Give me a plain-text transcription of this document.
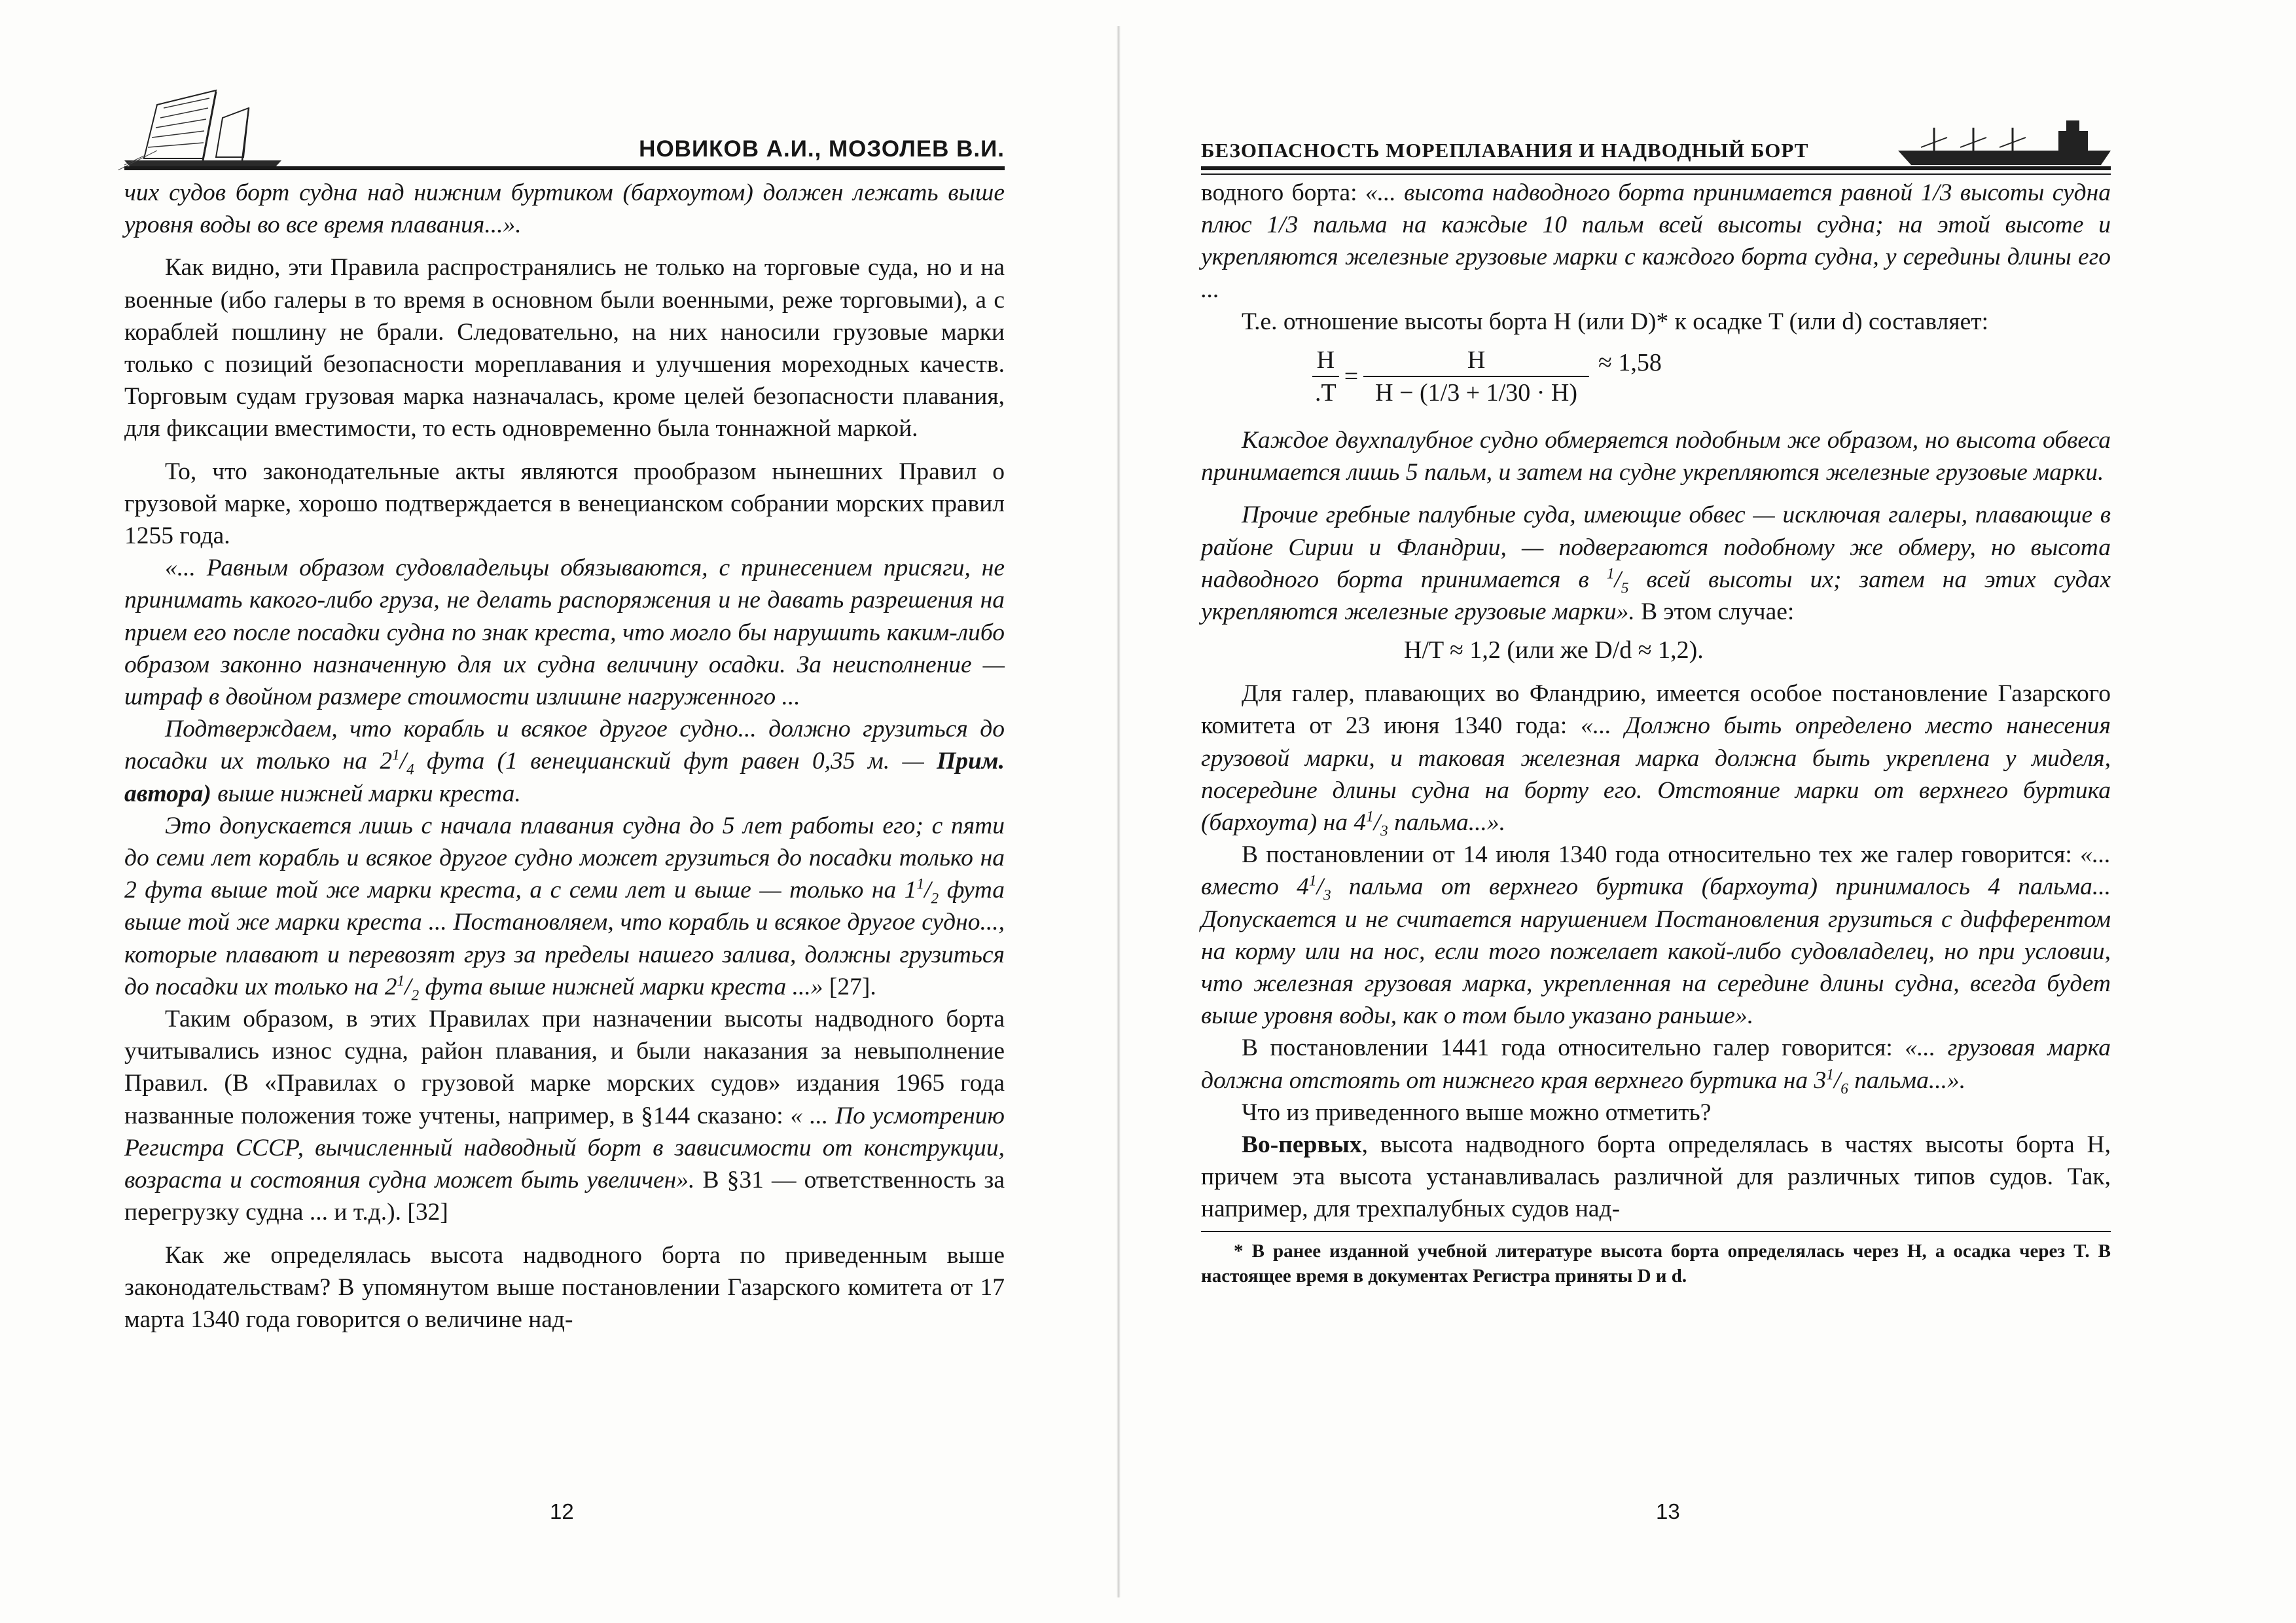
НОВИКОВ А.И., МОЗОЛЕВ В.И.

чих судов борт судна над нижним буртиком (бархоутом) должен лежать выше уровня воды во все время плавания...».

Как видно, эти Правила распространялись не только на торговые суда, но и на военные (ибо галеры в то время в основном были военными, реже торговыми), а с кораблей пошлину не брали. Следовательно, на них наносили грузовые марки только с позиций безопасности мореплавания и улучшения мореходных качеств. Торговым судам грузовая марка назначалась, кроме целей безопасности плавания, для фиксации вместимости, то есть одновременно была тоннажной маркой.

То, что законодательные акты являются прообразом нынешних Правил о грузовой марке, хорошо подтверждается в венецианском собрании морских правил 1255 года.

«... Равным образом судовладельцы обязываются, с принесением присяги, не принимать какого-либо груза, не делать распоряжения и не давать разрешения на прием его после посадки судна по знак креста, что могло бы нарушить каким-либо образом законно назначенную для их судна величину осадки. За неисполнение — штраф в двойном размере стоимости излишне нагруженного ...

Подтверждаем, что корабль и всякое другое судно... должно грузиться до посадки их только на $2^1/_4$ фута (1 венецианский фут равен 0,35 м. — Прим. автора) выше нижней марки креста.

Это допускается лишь с начала плавания судна до 5 лет работы его; с пяти до семи лет корабль и всякое другое судно может грузиться до посадки только на 2 фута выше той же марки креста, а с семи лет и выше — только на $1^1/_2$ фута выше той же марки креста ... Постановляем, что корабль и всякое другое судно..., которые плавают и перевозят груз за пределы нашего залива, должны грузиться до посадки их только на $2^1/_2$ фута выше нижней марки креста ...» [27].

Таким образом, в этих Правилах при назначении высоты надводного борта учитывались износ судна, район плавания, и были наказания за невыполнение Правил. (В «Правилах о грузовой марке морских судов» издания 1965 года названные положения тоже учтены, например, в §144 сказано: « ... По усмотрению Регистра СССР, вычисленный надводный борт в зависимости от конструкции, возраста и состояния судна может быть увеличен». В §31 — ответственность за перегрузку судна ... и т.д.). [32]

Как же определялась высота надводного борта по приведенным выше законодательствам? В упомянутом выше постановлении Газарского комитета от 17 марта 1340 года говорится о величине над-

12
БЕЗОПАСНОСТЬ МОРЕПЛАВАНИЯ И НАДВОДНЫЙ БОРТ

водного борта: «... высота надводного борта принимается равной 1/3 высоты судна плюс 1/3 пальма на каждые 10 пальм всей высоты судна; на этой высоте и укрепляются железные грузовые марки с каждого борта судна, у середины длины его ...

Т.е. отношение высоты борта H (или D)* к осадке T (или d) составляет:

$\frac{H}{.T} = \frac{H}{H - (1/3 + 1/30 \cdot H)} \approx 1,58$

Каждое двухпалубное судно обмеряется подобным же образом, но высота обвеса принимается лишь 5 пальм, и затем на судне укрепляются железные грузовые марки.

Прочие гребные палубные суда, имеющие обвес — исключая галеры, плавающие в районе Сирии и Фландрии, — подвергаются подобному же обмеру, но высота надводного борта принимается в $^1/_5$ всей высоты их; затем на этих судах укрепляются железные грузовые марки». В этом случае:

H/T ≈ 1,2 (или же D/d ≈ 1,2).

Для галер, плавающих во Фландрию, имеется особое постановление Газарского комитета от 23 июня 1340 года: «... Должно быть определено место нанесения грузовой марки, и таковая железная марка должна быть укреплена у миделя, посередине длины судна на борту его. Отстояние марки от верхнего буртика (бархоута) на $4^1/_3$ пальма...».

В постановлении от 14 июля 1340 года относительно тех же галер говорится: «... вместо $4^1/_3$ пальма от верхнего буртика (бархоута) принималось 4 пальма... Допускается и не считается нарушением Постановления грузиться с дифферентом на корму или на нос, если того пожелает какой-либо судовладелец, но при условии, что железная грузовая марка, укрепленная на середине длины судна, всегда будет выше уровня воды, как о том было указано раньше».

В постановлении 1441 года относительно галер говорится: «... грузовая марка должна отстоять от нижнего края верхнего буртика на $3^1/_6$ пальма...».

Что из приведенного выше можно отметить?

Во-первых, высота надводного борта определялась в частях высоты борта H, причем эта высота устанавливалась различной для различных типов судов. Так, например, для трехпалубных судов над-

* В ранее изданной учебной литературе высота борта определялась через H, а осадка через T. В настоящее время в документах Регистра приняты D и d.

13
